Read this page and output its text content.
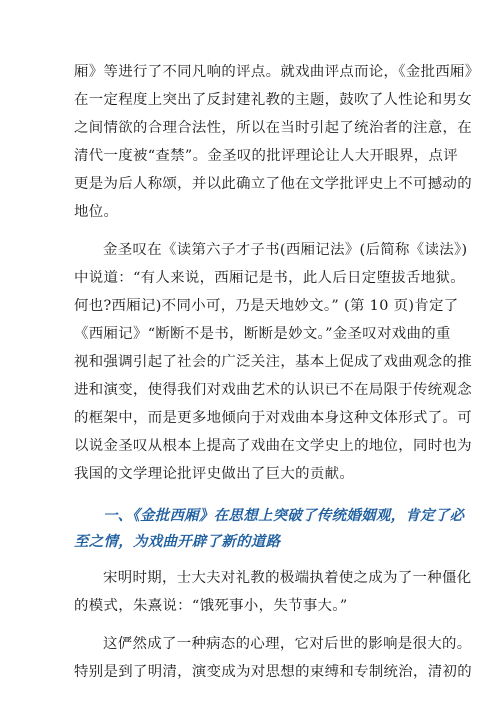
厢》等进行了不同凡响的评点。就戏曲评点而论，《金批西厢》
在一定程度上突出了反封建礼教的主题，鼓吹了人性论和男女
之间情欲的合理合法性，所以在当时引起了统治者的注意，在
清代一度被“查禁”。金圣叹的批评理论让人大开眼界，点评
更是为后人称颂，并以此确立了他在文学批评史上不可撼动的
地位。
金圣叹在《读第六子才子书(西厢记法》(后简称《读法》)
中说道：“有人来说，西厢记是书，此人后日定堕拔舌地狱。
何也?西厢记)不同小可，乃是天地妙文。” (第 10 页)肯定了
《西厢记》“断断不是书，断断是妙文。”金圣叹对戏曲的重
视和强调引起了社会的广泛关注，基本上促成了戏曲观念的推
进和演变，使得我们对戏曲艺术的认识已不在局限于传统观念
的框架中，而是更多地倾向于对戏曲本身这种文体形式了。可
以说金圣叹从根本上提高了戏曲在文学史上的地位，同时也为
我国的文学理论批评史做出了巨大的贡献。
一、《金批西厢》在思想上突破了传统婚姻观，肯定了必
至之情，为戏曲开辟了新的道路
宋明时期，士大夫对礼教的极端执着使之成为了一种僵化
的模式，朱熹说：“饿死事小，失节事大。”
这俨然成了一种病态的心理，它对后世的影响是很大的。
特别是到了明清，演变成为对思想的束缚和专制统治，清初的
